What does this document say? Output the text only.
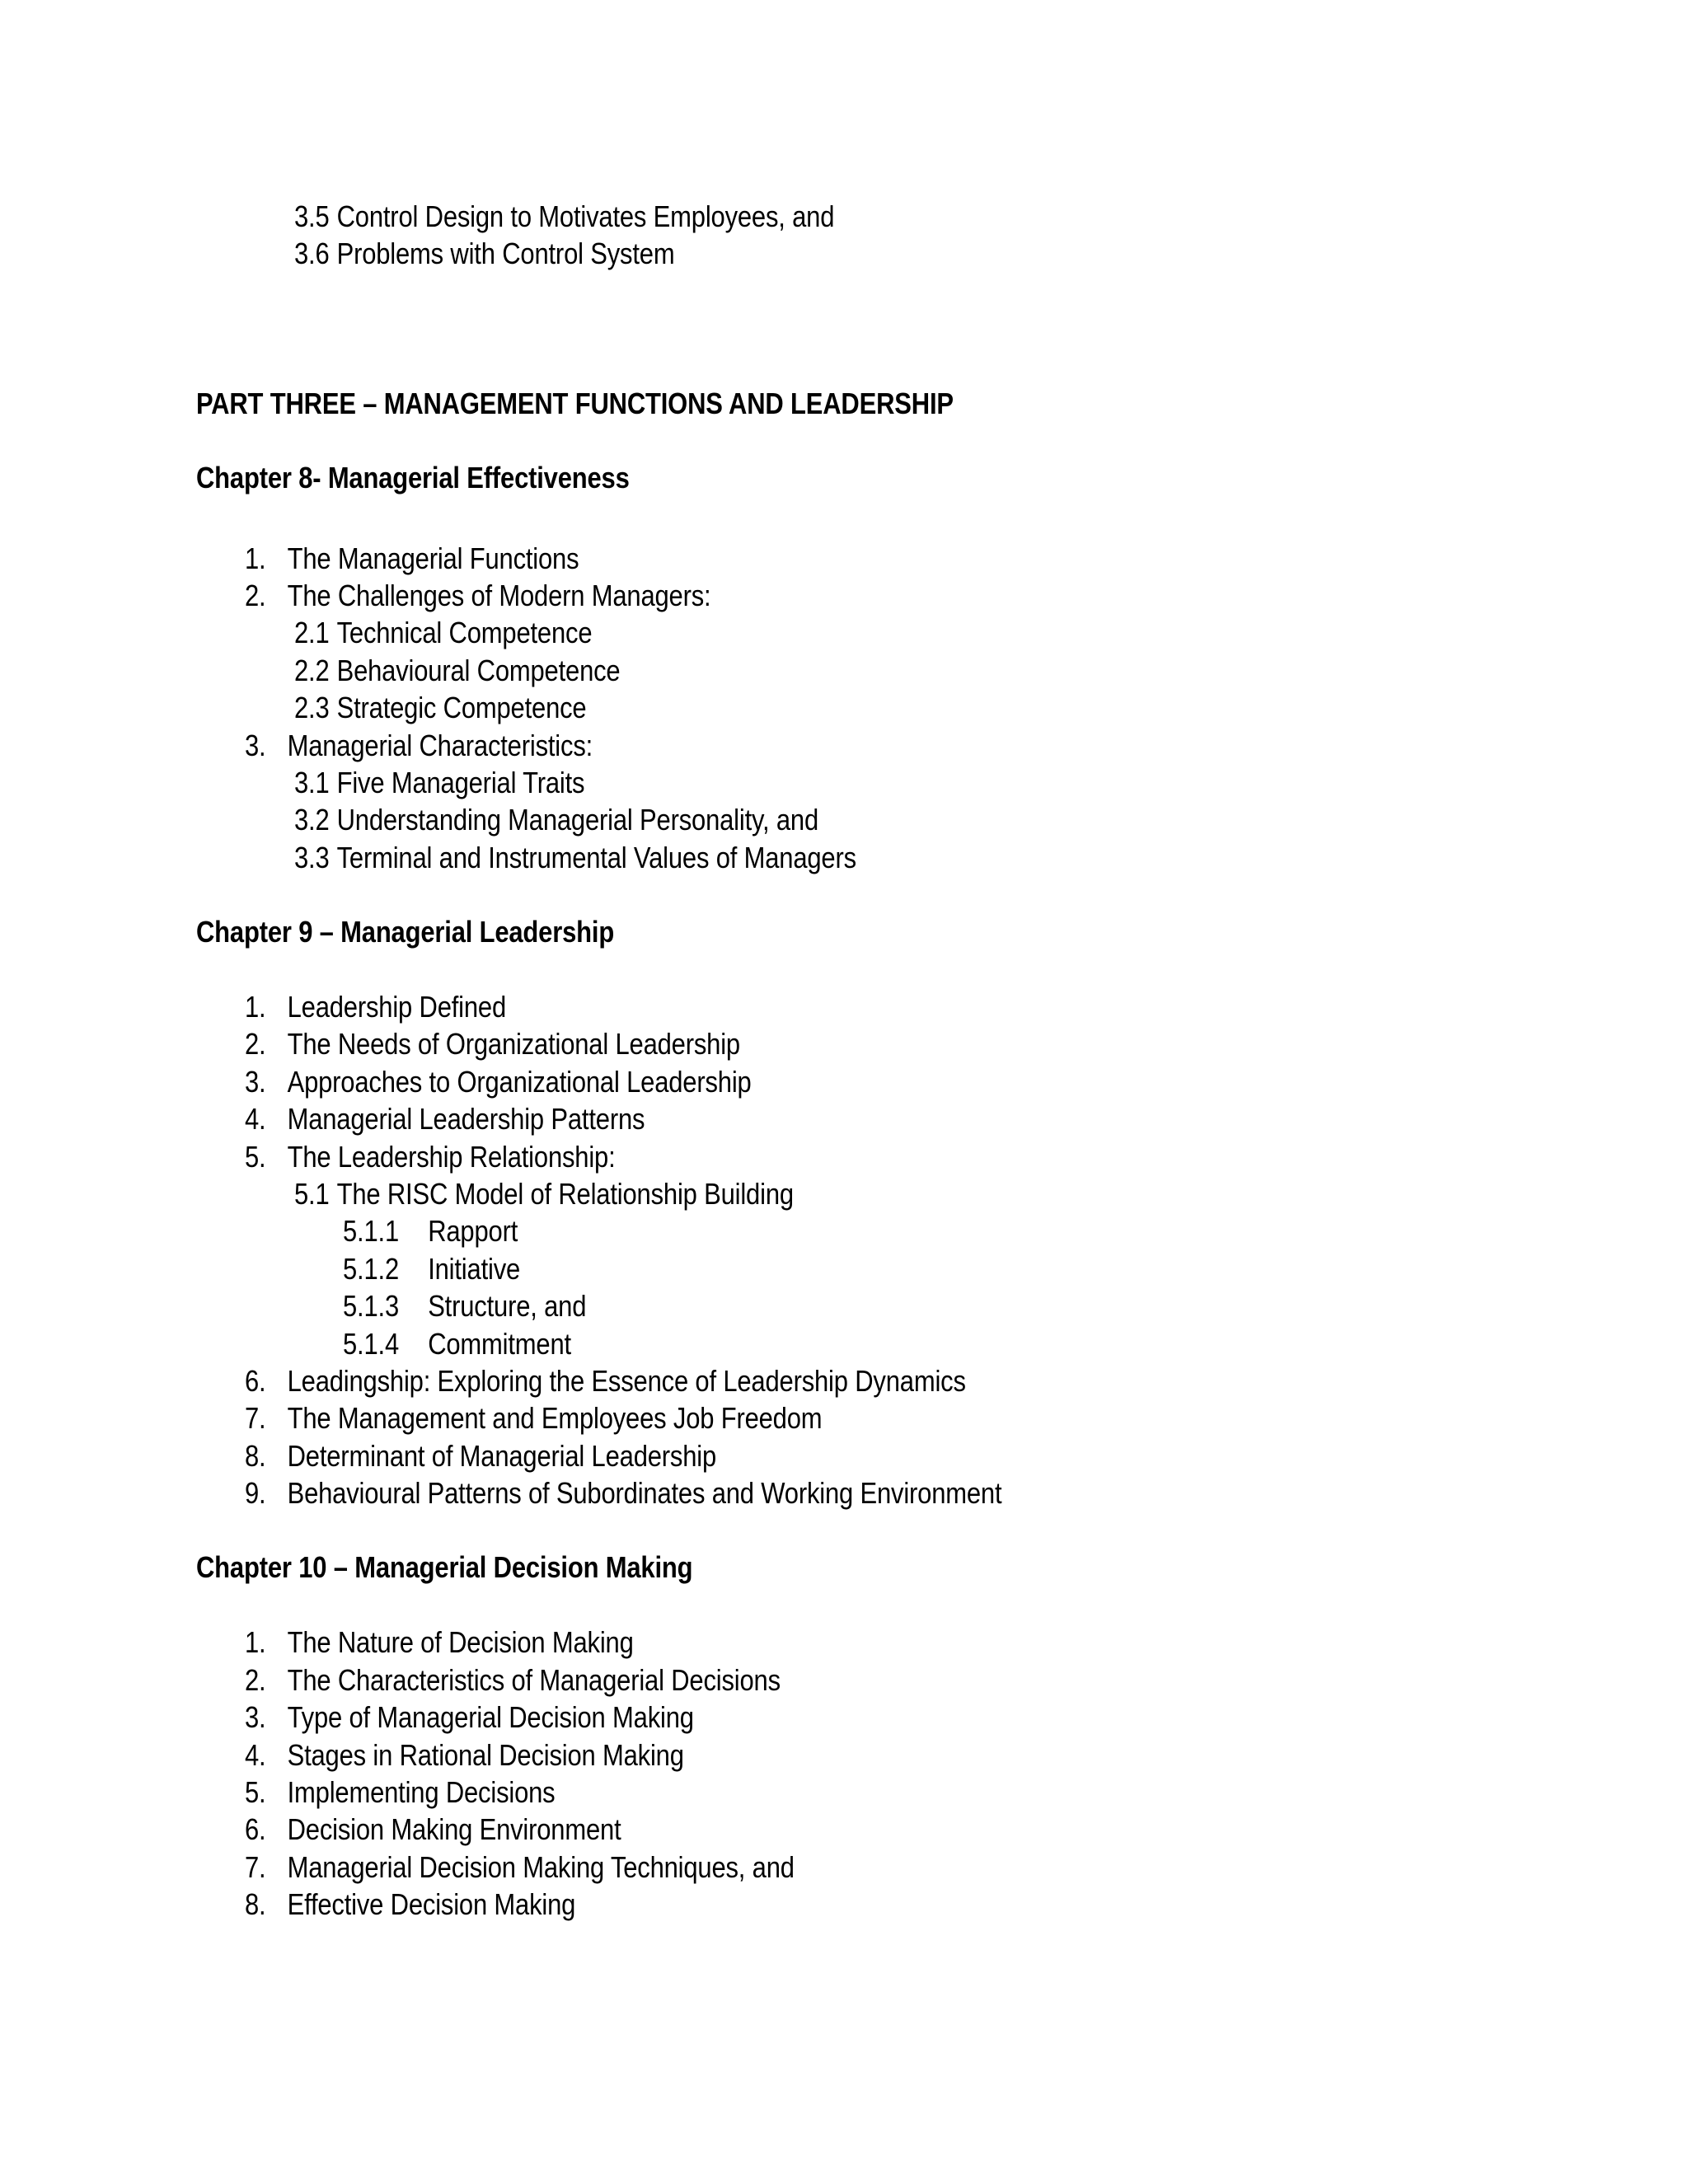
3.5 Control Design to Motivates Employees, and
3.6 Problems with Control System
PART THREE – MANAGEMENT FUNCTIONS AND LEADERSHIP
Chapter 8- Managerial Effectiveness
1. The Managerial Functions
2. The Challenges of Modern Managers:
2.1 Technical Competence
2.2 Behavioural Competence
2.3 Strategic Competence
3. Managerial Characteristics:
3.1 Five Managerial Traits
3.2 Understanding Managerial Personality, and
3.3 Terminal and Instrumental Values of Managers
Chapter 9 – Managerial Leadership
1. Leadership Defined
2. The Needs of Organizational Leadership
3. Approaches to Organizational Leadership
4. Managerial Leadership Patterns
5. The Leadership Relationship:
5.1 The RISC Model of Relationship Building
5.1.1 Rapport
5.1.2 Initiative
5.1.3 Structure, and
5.1.4 Commitment
6. Leadingship: Exploring the Essence of Leadership Dynamics
7. The Management and Employees Job Freedom
8. Determinant of Managerial Leadership
9. Behavioural Patterns of Subordinates and Working Environment
Chapter 10 – Managerial Decision Making
1. The Nature of Decision Making
2. The Characteristics of Managerial Decisions
3. Type of Managerial Decision Making
4. Stages in Rational Decision Making
5. Implementing Decisions
6. Decision Making Environment
7. Managerial Decision Making Techniques, and
8. Effective Decision Making
